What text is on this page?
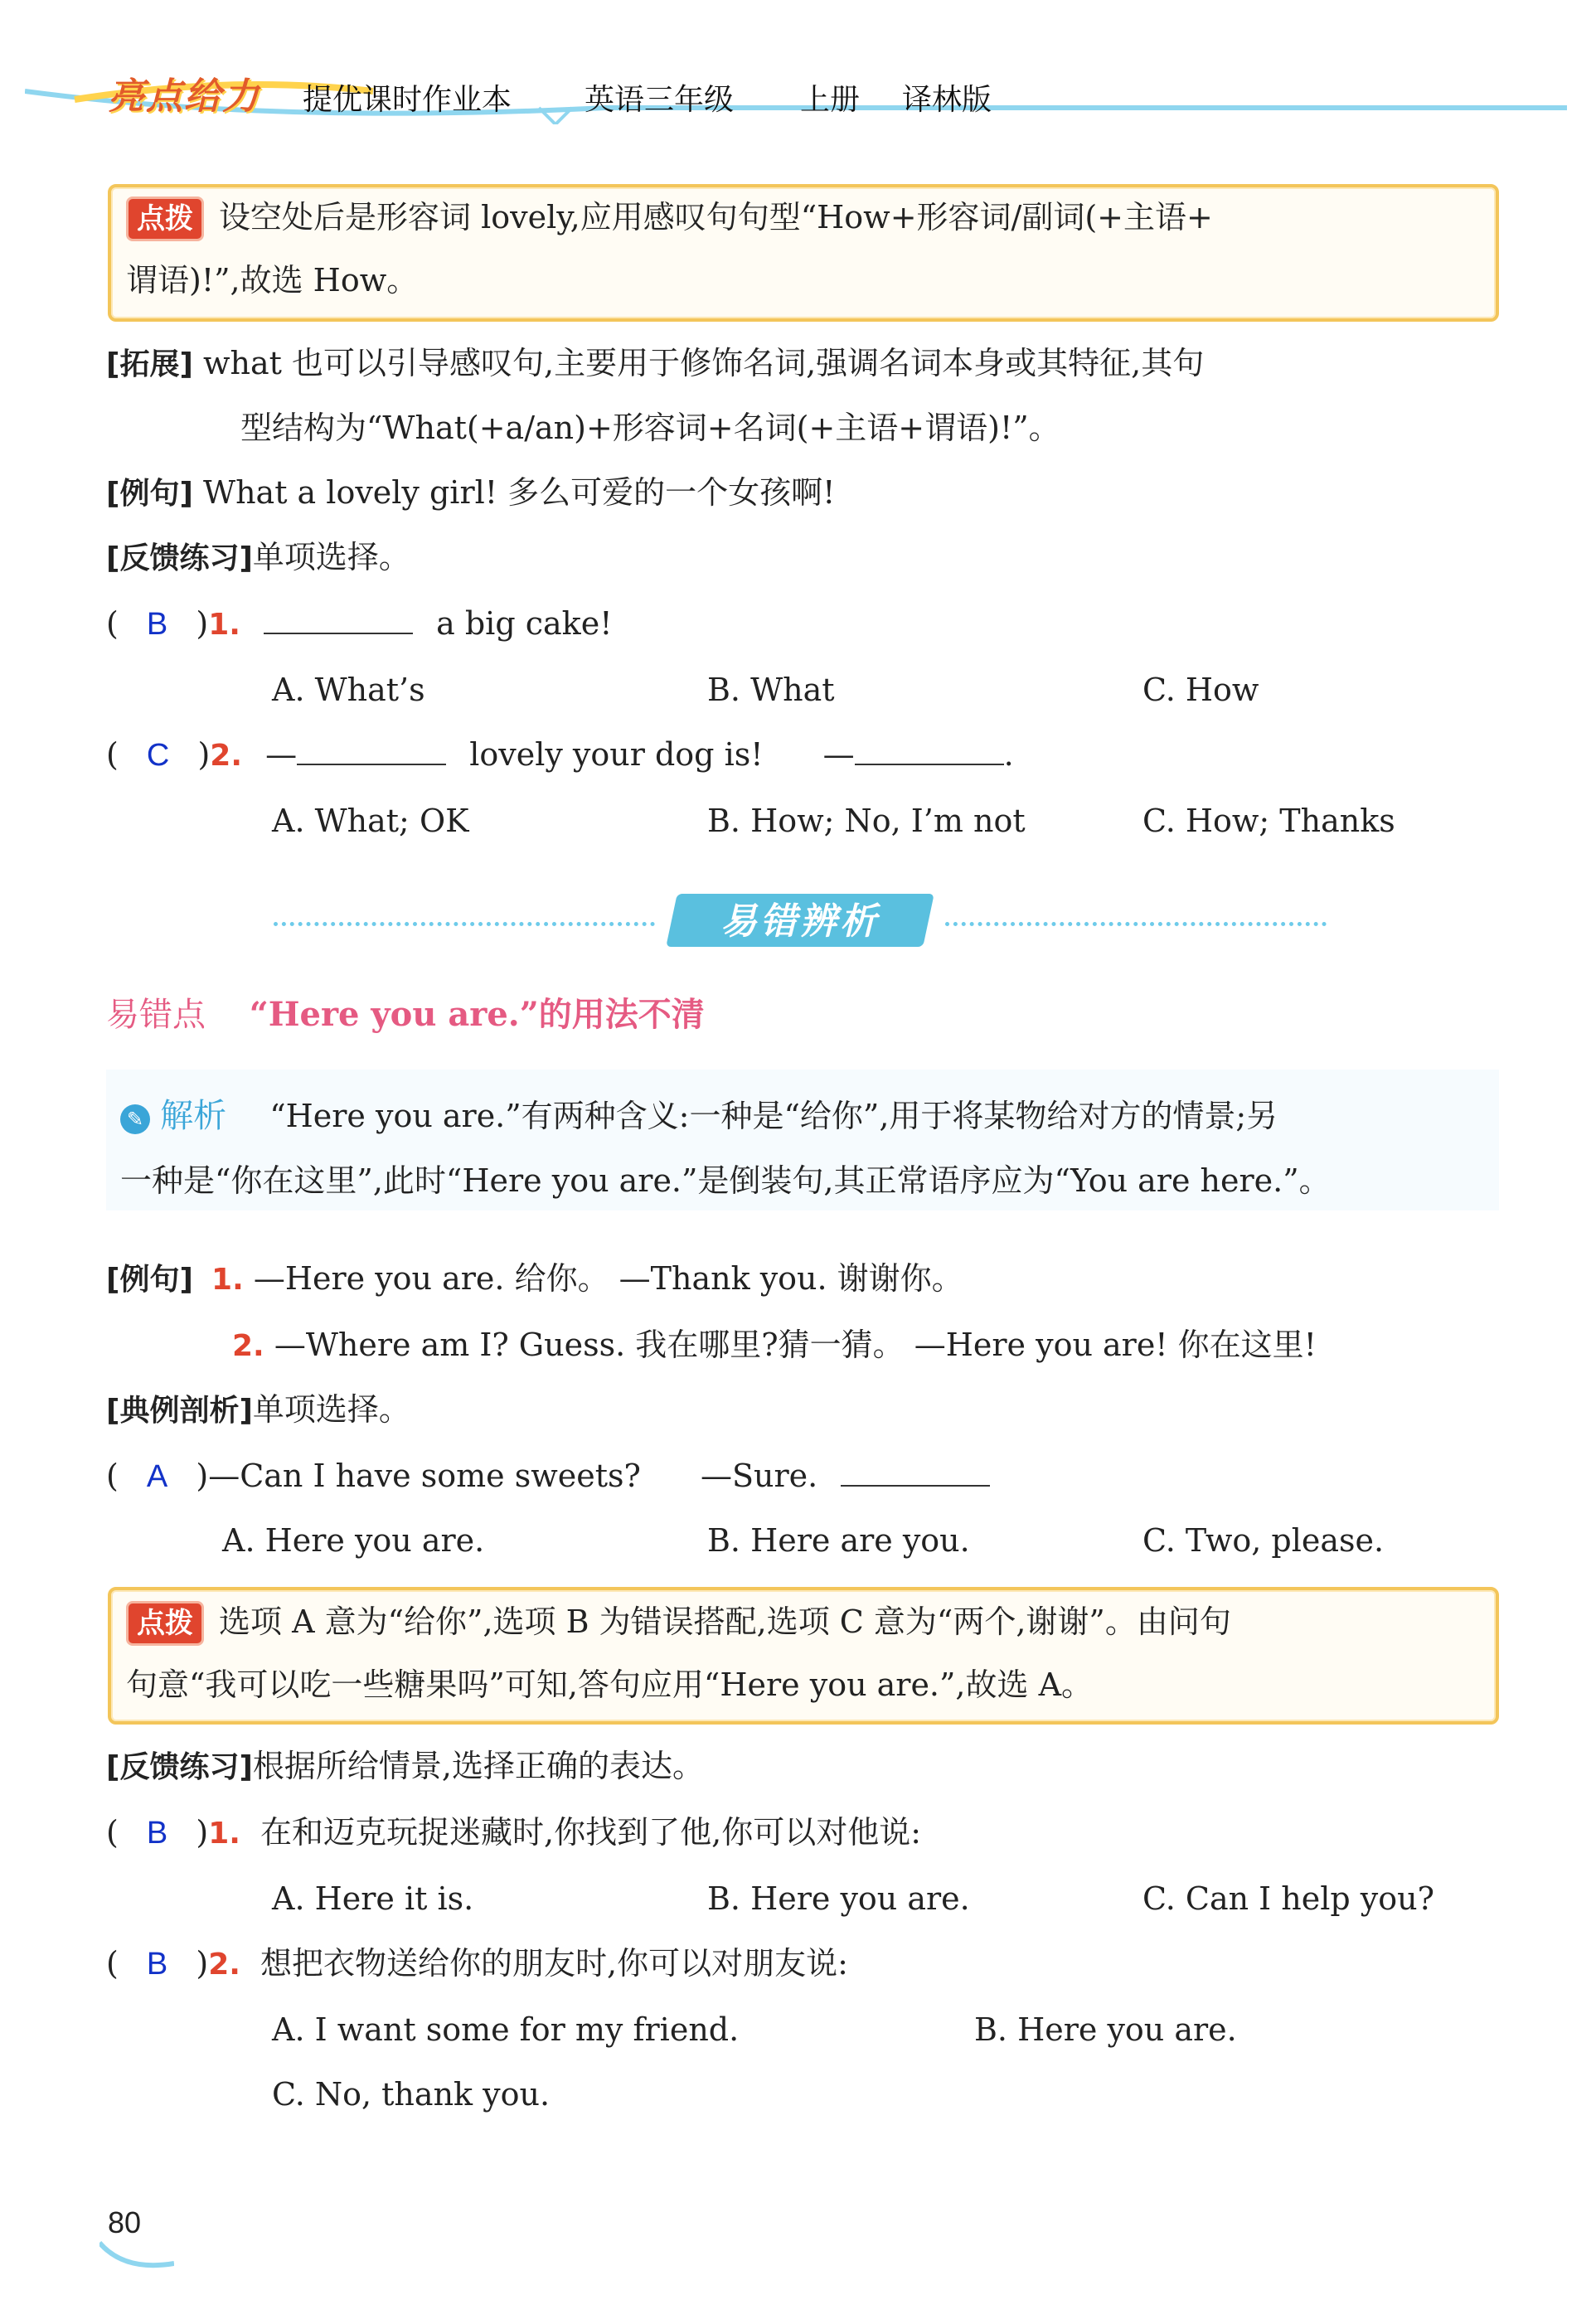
亮点给力	提优课时作业本 英语三年级 上册 译林版
点拨 设空处后是形容词 lovely,应用感叹句句型“How+形容词/副词(+主语+
谓语)!”,故选 How。
[拓展] what 也可以引导感叹句,主要用于修饰名词,强调名词本身或其特征,其句
型结构为“What(+a/an)+形容词+名词(+主语+谓语)!”。
[例句] What a lovely girl! 多么可爱的一个女孩啊!
[反馈练习]单项选择。
( B )1.	a big cake!
A. What’s	B. What	C. How
( C )2. —	lovely your dog is! —	.
A. What; OK	B. How; No, I’m not	C. How; Thanks
易错辨析
易错点 “Here you are.”的用法不清
✎ 解析 “Here you are.”有两种含义:一种是“给你”,用于将某物给对方的情景;另
一种是“你在这里”,此时“Here you are.”是倒装句,其正常语序应为“You are here.”。
[例句] 1. —Here you are. 给你。 —Thank you. 谢谢你。
2. —Where am I? Guess. 我在哪里?猜一猜。 —Here you are! 你在这里!
[典例剖析]单项选择。
( A )—Can I have some sweets? —Sure.
A. Here you are.	B. Here are you.	C. Two, please.
点拨 选项 A 意为“给你”,选项 B 为错误搭配,选项 C 意为“两个,谢谢”。由问句
句意“我可以吃一些糖果吗”可知,答句应用“Here you are.”,故选 A。
[反馈练习]根据所给情景,选择正确的表达。
( B )1. 在和迈克玩捉迷藏时,你找到了他,你可以对他说:
A. Here it is.	B. Here you are.	C. Can I help you?
( B )2. 想把衣物送给你的朋友时,你可以对朋友说:
A. I want some for my friend.	B. Here you are.
C. No, thank you.
80
